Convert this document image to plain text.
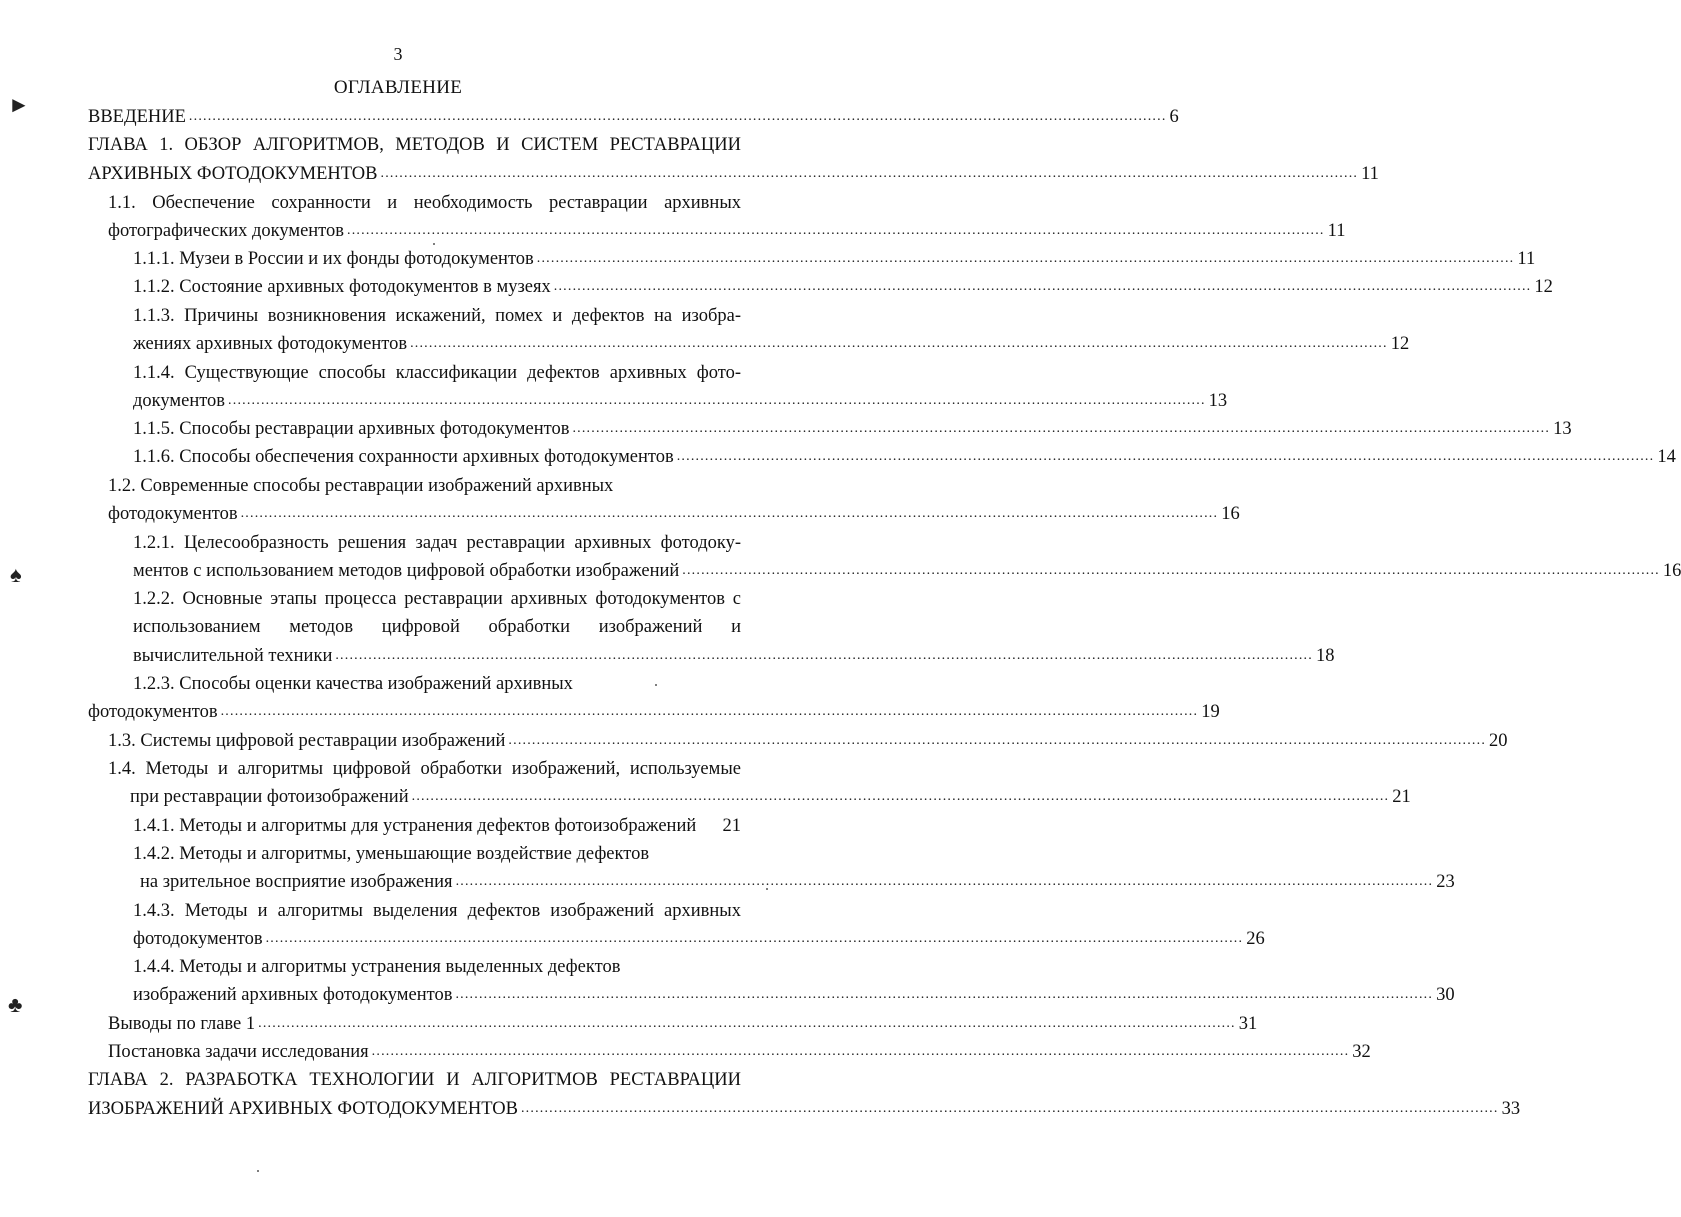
3
ОГЛАВЛЕНИЕ
►
♠
♣
ВВЕДЕНИЕ ................................................................................................................................................................................................................ 6
ГЛАВА 1. ОБЗОР АЛГОРИТМОВ, МЕТОДОВ И СИСТЕМ РЕСТАВРАЦИИ
АРХИВНЫХ ФОТОДОКУМЕНТОВ ................................................................................................................................................................................................................ 11
1.1. Обеспечение сохранности и необходимость реставрации архивных
фотографических документов ................................................................................................................................................................................................................ 11
1.1.1. Музеи в России и их фонды фотодокументов ................................................................................................................................................................................................................ 11
1.1.2. Состояние архивных фотодокументов в музеях ................................................................................................................................................................................................................ 12
1.1.3. Причины возникновения искажений, помех и дефектов на изобра-
жениях архивных фотодокументов ................................................................................................................................................................................................................ 12
1.1.4. Существующие способы классификации дефектов архивных фото-
документов ................................................................................................................................................................................................................ 13
1.1.5. Способы реставрации архивных фотодокументов ................................................................................................................................................................................................................ 13
1.1.6. Способы обеспечения сохранности архивных фотодокументов ................................................................................................................................................................................................................ 14
1.2. Современные способы реставрации изображений архивных
фотодокументов ................................................................................................................................................................................................................ 16
1.2.1. Целесообразность решения задач реставрации архивных фотодоку-
ментов с использованием методов цифровой обработки изображений ................................................................................................................................................................................................................ 16
1.2.2. Основные этапы процесса реставрации архивных фотодокументов с
использованием методов цифровой обработки изображений и
вычислительной техники ................................................................................................................................................................................................................ 18
1.2.3. Способы оценки качества изображений архивных
фотодокументов ................................................................................................................................................................................................................ 19
1.3. Системы цифровой реставрации изображений ................................................................................................................................................................................................................ 20
1.4. Методы и алгоритмы цифровой обработки изображений, используемые
при реставрации фотоизображений ................................................................................................................................................................................................................ 21
1.4.1. Методы и алгоритмы для устранения дефектов фотоизображений 21
1.4.2. Методы и алгоритмы, уменьшающие воздействие дефектов
на зрительное восприятие изображения ................................................................................................................................................................................................................ 23
1.4.3. Методы и алгоритмы выделения дефектов изображений архивных
фотодокументов ................................................................................................................................................................................................................ 26
1.4.4. Методы и алгоритмы устранения выделенных дефектов
изображений архивных фотодокументов ................................................................................................................................................................................................................ 30
Выводы по главе 1 ................................................................................................................................................................................................................ 31
Постановка задачи исследования ................................................................................................................................................................................................................ 32
ГЛАВА 2. РАЗРАБОТКА ТЕХНОЛОГИИ И АЛГОРИТМОВ РЕСТАВРАЦИИ
ИЗОБРАЖЕНИЙ АРХИВНЫХ ФОТОДОКУМЕНТОВ ................................................................................................................................................................................................................ 33
